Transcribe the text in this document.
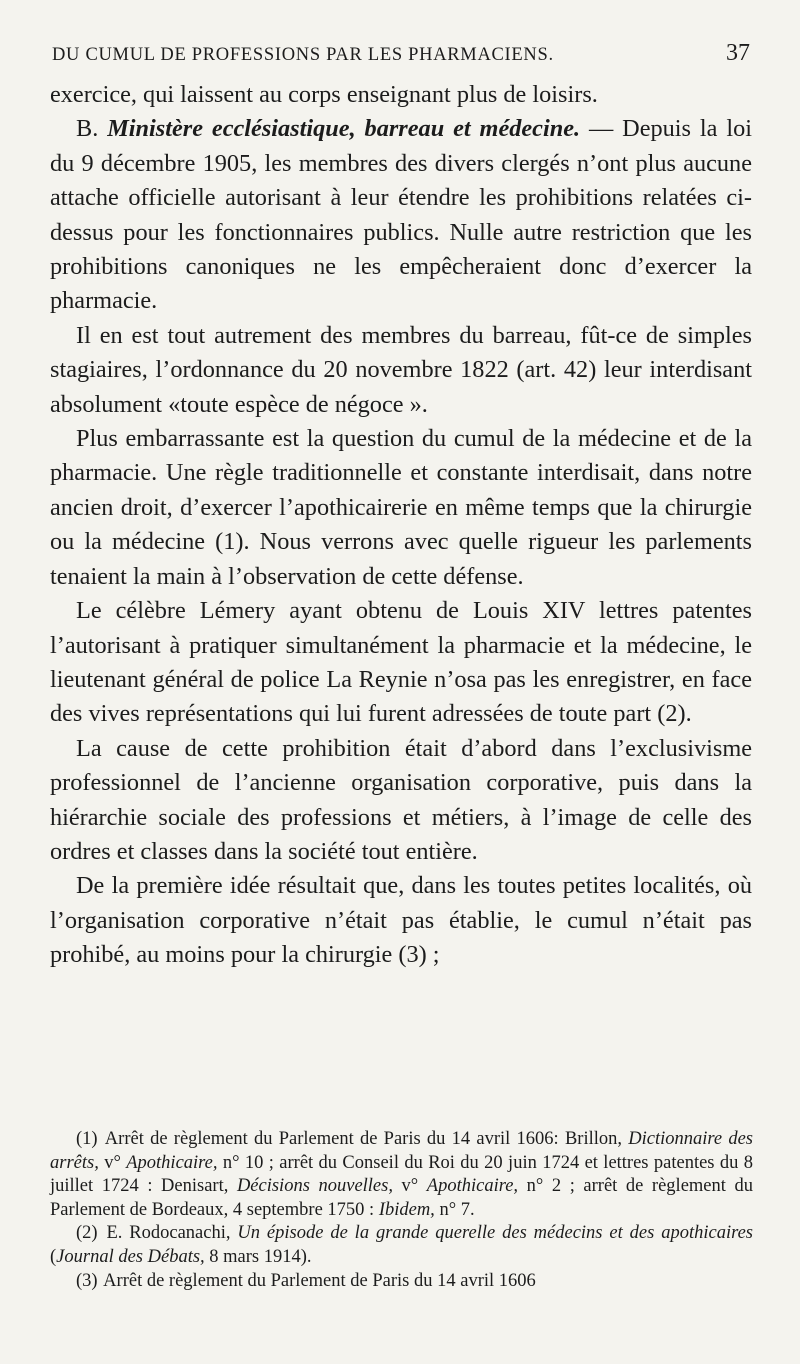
DU CUMUL DE PROFESSIONS PAR LES PHARMACIENS.	37

exercice, qui laissent au corps enseignant plus de loisirs.

B. Ministère ecclésiastique, barreau et médecine. — Depuis la loi du 9 décembre 1905, les membres des divers clergés n’ont plus aucune attache officielle autorisant à leur étendre les prohibitions relatées ci-dessus pour les fonctionnaires publics. Nulle autre restriction que les prohibitions canoniques ne les empêcheraient donc d’exercer la pharmacie.

Il en est tout autrement des membres du barreau, fût-ce de simples stagiaires, l’ordonnance du 20 novembre 1822 (art. 42) leur interdisant absolument «toute espèce de négoce ».

Plus embarrassante est la question du cumul de la médecine et de la pharmacie. Une règle traditionnelle et constante interdisait, dans notre ancien droit, d’exercer l’apothicairerie en même temps que la chirurgie ou la médecine (1). Nous verrons avec quelle rigueur les parlements tenaient la main à l’observation de cette défense.

Le célèbre Lémery ayant obtenu de Louis XIV lettres patentes l’autorisant à pratiquer simultanément la pharmacie et la médecine, le lieutenant général de police La Reynie n’osa pas les enregistrer, en face des vives représentations qui lui furent adressées de toute part (2).

La cause de cette prohibition était d’abord dans l’exclusivisme professionnel de l’ancienne organisation corporative, puis dans la hiérarchie sociale des professions et métiers, à l’image de celle des ordres et classes dans la société tout entière.

De la première idée résultait que, dans les toutes petites localités, où l’organisation corporative n’était pas établie, le cumul n’était pas prohibé, au moins pour la chirurgie (3) ;

(1) Arrêt de règlement du Parlement de Paris du 14 avril 1606: Brillon, Dictionnaire des arrêts, v° Apothicaire, n° 10 ; arrêt du Conseil du Roi du 20 juin 1724 et lettres patentes du 8 juillet 1724 : Denisart, Décisions nouvelles, v° Apothicaire, n° 2 ; arrêt de règlement du Parlement de Bordeaux, 4 septembre 1750 : Ibidem, n° 7.

(2) E. Rodocanachi, Un épisode de la grande querelle des médecins et des apothicaires (Journal des Débats, 8 mars 1914).

(3) Arrêt de règlement du Parlement de Paris du 14 avril 1606
